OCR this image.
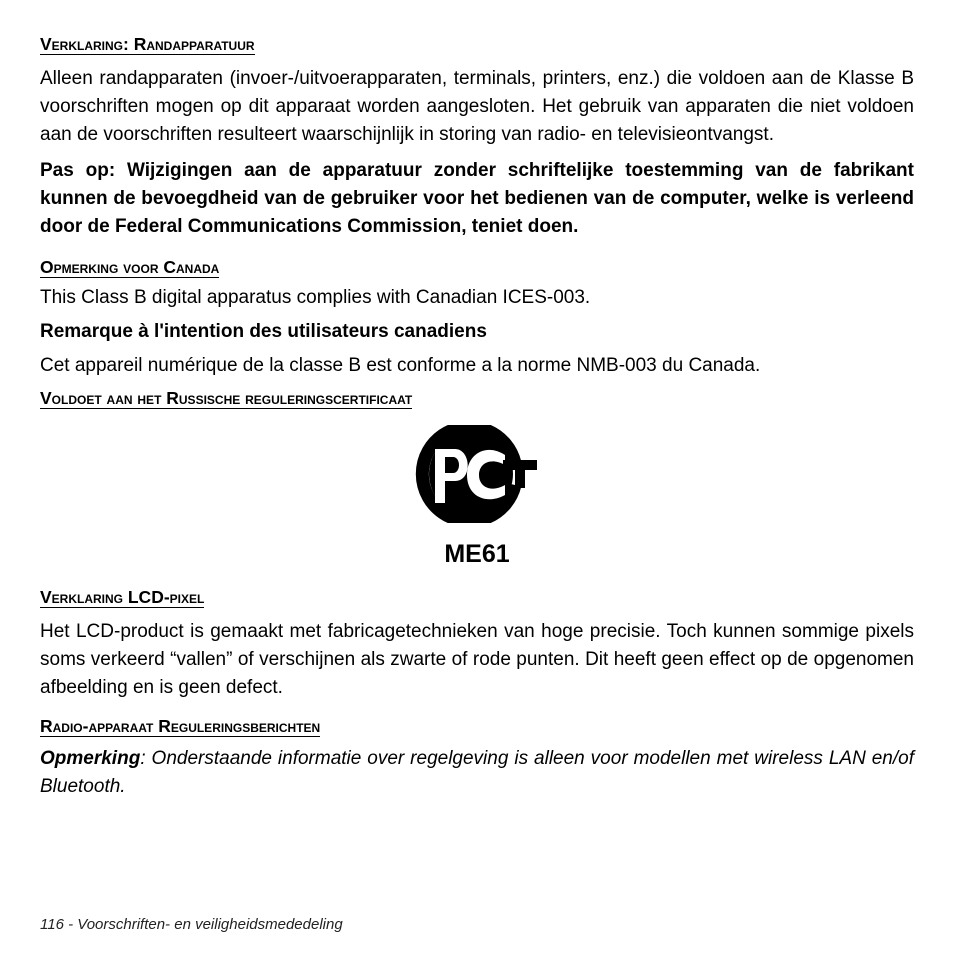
Verklaring: Randapparatuur

Alleen randapparaten (invoer-/uitvoerapparaten, terminals, printers, enz.) die voldoen aan de Klasse B voorschriften mogen op dit apparaat worden aangesloten. Het gebruik van apparaten die niet voldoen aan de voorschriften resulteert waarschijnlijk in storing van radio- en televisieontvangst.

Pas op: Wijzigingen aan de apparatuur zonder schriftelijke toestemming van de fabrikant kunnen de bevoegdheid van de gebruiker voor het bedienen van de computer, welke is verleend door de Federal Communications Commission, teniet doen.

Opmerking voor Canada

This Class B digital apparatus complies with Canadian ICES-003.

Remarque à l'intention des utilisateurs canadiens

Cet appareil numérique de la classe B est conforme a la norme NMB-003 du Canada.

Voldoet aan het Russische reguleringscertificaat

ME61

Verklaring LCD-pixel

Het LCD-product is gemaakt met fabricagetechnieken van hoge precisie. Toch kunnen sommige pixels soms verkeerd “vallen” of verschijnen als zwarte of rode punten. Dit heeft geen effect op de opgenomen afbeelding en is geen defect.

Radio-apparaat Reguleringsberichten

Opmerking: Onderstaande informatie over regelgeving is alleen voor modellen met wireless LAN en/of Bluetooth.

116 - Voorschriften- en veiligheidsmededeling
